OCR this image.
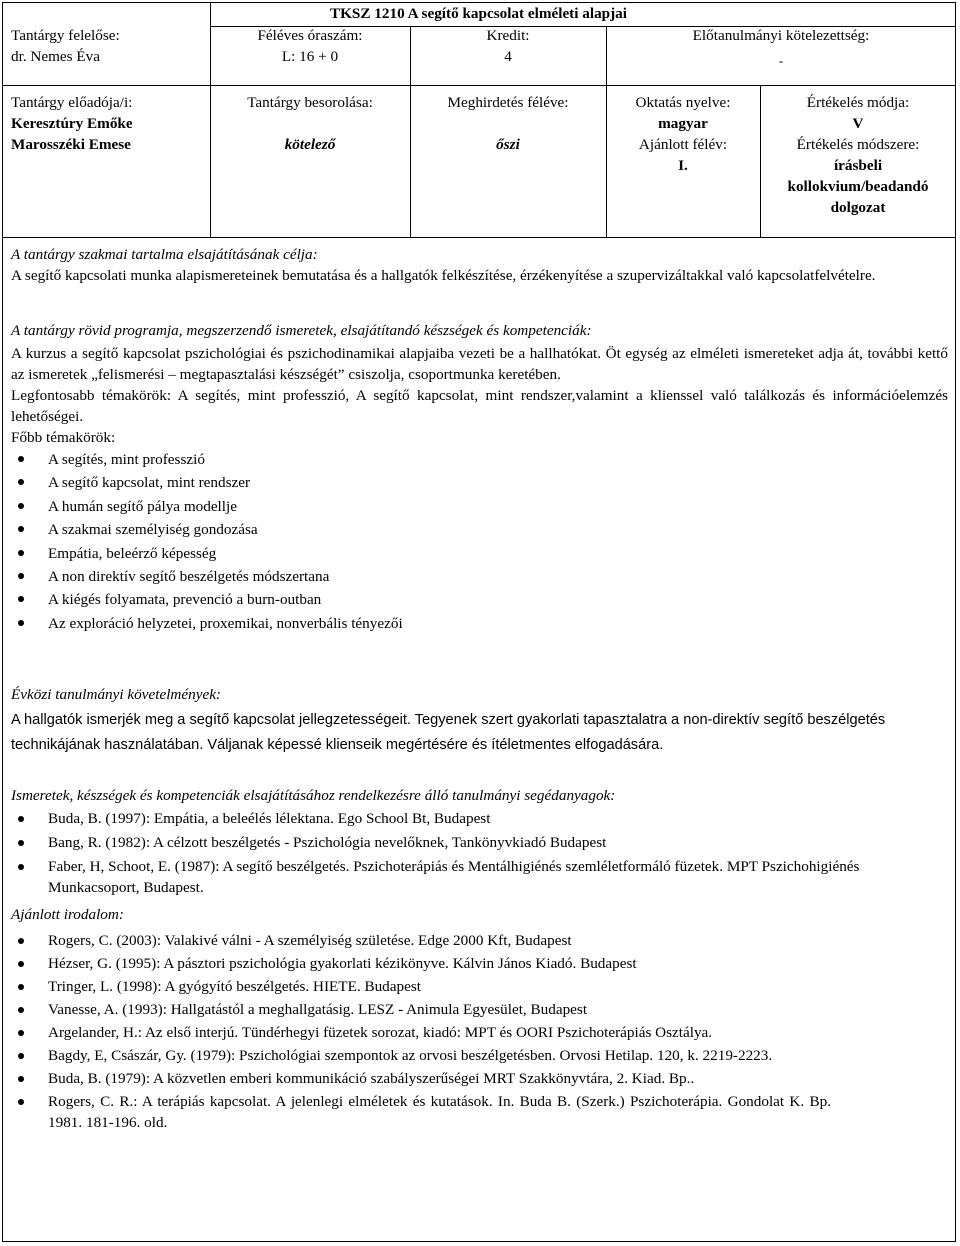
TKSZ 1210 A segítő kapcsolat elméleti alapjai
Tantárgy felelőse:
dr. Nemes Éva
Féléves óraszám:
L: 16 + 0
Kredit:
4
Előtanulmányi kötelezettség:
-
Tantárgy előadója/i:
Keresztúry Emőke
Marosszéki Emese
Tantárgy besorolása:
kötelező
Meghirdetés féléve:
őszi
Oktatás nyelve:
magyar
Ajánlott félév:
I.
Értékelés módja:
V
Értékelés módszere:
írásbeli
kollokvium/beadandó
dolgozat
A tantárgy szakmai tartalma elsajátításának célja:
A segítő kapcsolati munka alapismereteinek bemutatása és a hallgatók felkészítése, érzékenyítése a szupervizáltakkal való kapcsolatfelvételre.
A tantárgy rövid programja, megszerzendő ismeretek, elsajátítandó készségek és kompetenciák:
A kurzus a segítő kapcsolat pszichológiai és pszichodinamikai alapjaiba vezeti be a hallhatókat. Öt egység az elméleti ismereteket adja át, további kettő az ismeretek „felismerési – megtapasztalási készségét” csiszolja, csoportmunka keretében.
Legfontosabb témakörök: A segítés, mint professzió, A segítő kapcsolat, mint rendszer,valamint a klienssel való találkozás és információelemzés lehetőségei.
Főbb témakörök:
A segítés, mint professzió
A segítő kapcsolat, mint rendszer
A humán segítő pálya modellje
A szakmai személyiség gondozása
Empátia, beleérző képesség
A non direktív segítő beszélgetés módszertana
A kiégés folyamata, prevenció a burn-outban
Az exploráció helyzetei, proxemikai, nonverbális tényezői
Évközi tanulmányi követelmények:
A hallgatók ismerjék meg a segítő kapcsolat jellegzetességeit. Tegyenek szert gyakorlati tapasztalatra a non-direktív segítő beszélgetés technikájának használatában. Váljanak képessé klienseik megértésére és ítéletmentes elfogadására.
Ismeretek, készségek és kompetenciák elsajátításához rendelkezésre álló tanulmányi segédanyagok:
Buda, B. (1997): Empátia, a beleélés lélektana. Ego School Bt, Budapest
Bang, R. (1982): A célzott beszélgetés - Pszichológia nevelőknek, Tankönyvkiadó Budapest
Faber, H, Schoot, E. (1987): A segítő beszélgetés. Pszichoterápiás és Mentálhigiénés szemléletformáló füzetek. MPT Pszichohigiénés Munkacsoport, Budapest.
Ajánlott irodalom:
Rogers, C. (2003): Valakivé válni - A személyiség születése. Edge 2000 Kft, Budapest
Hézser, G. (1995): A pásztori pszichológia gyakorlati kézikönyve. Kálvin János Kiadó. Budapest
Tringer, L. (1998): A gyógyító beszélgetés. HIETE. Budapest
Vanesse, A. (1993): Hallgatástól a meghallgatásig. LESZ - Animula Egyesület, Budapest
Argelander, H.: Az első interjú. Tündérhegyi füzetek sorozat, kiadó: MPT és OORI Pszichoterápiás Osztálya.
Bagdy, E, Császár, Gy. (1979): Pszichológiai szempontok az orvosi beszélgetésben. Orvosi Hetilap. 120, k. 2219-2223.
Buda, B. (1979): A közvetlen emberi kommunikáció szabályszerűségei MRT Szakkönyvtára, 2. Kiad. Bp..
Rogers, C. R.: A terápiás kapcsolat. A jelenlegi elméletek és kutatások. In. Buda B. (Szerk.) Pszichoterápia. Gondolat K. Bp. 1981. 181-196. old.
